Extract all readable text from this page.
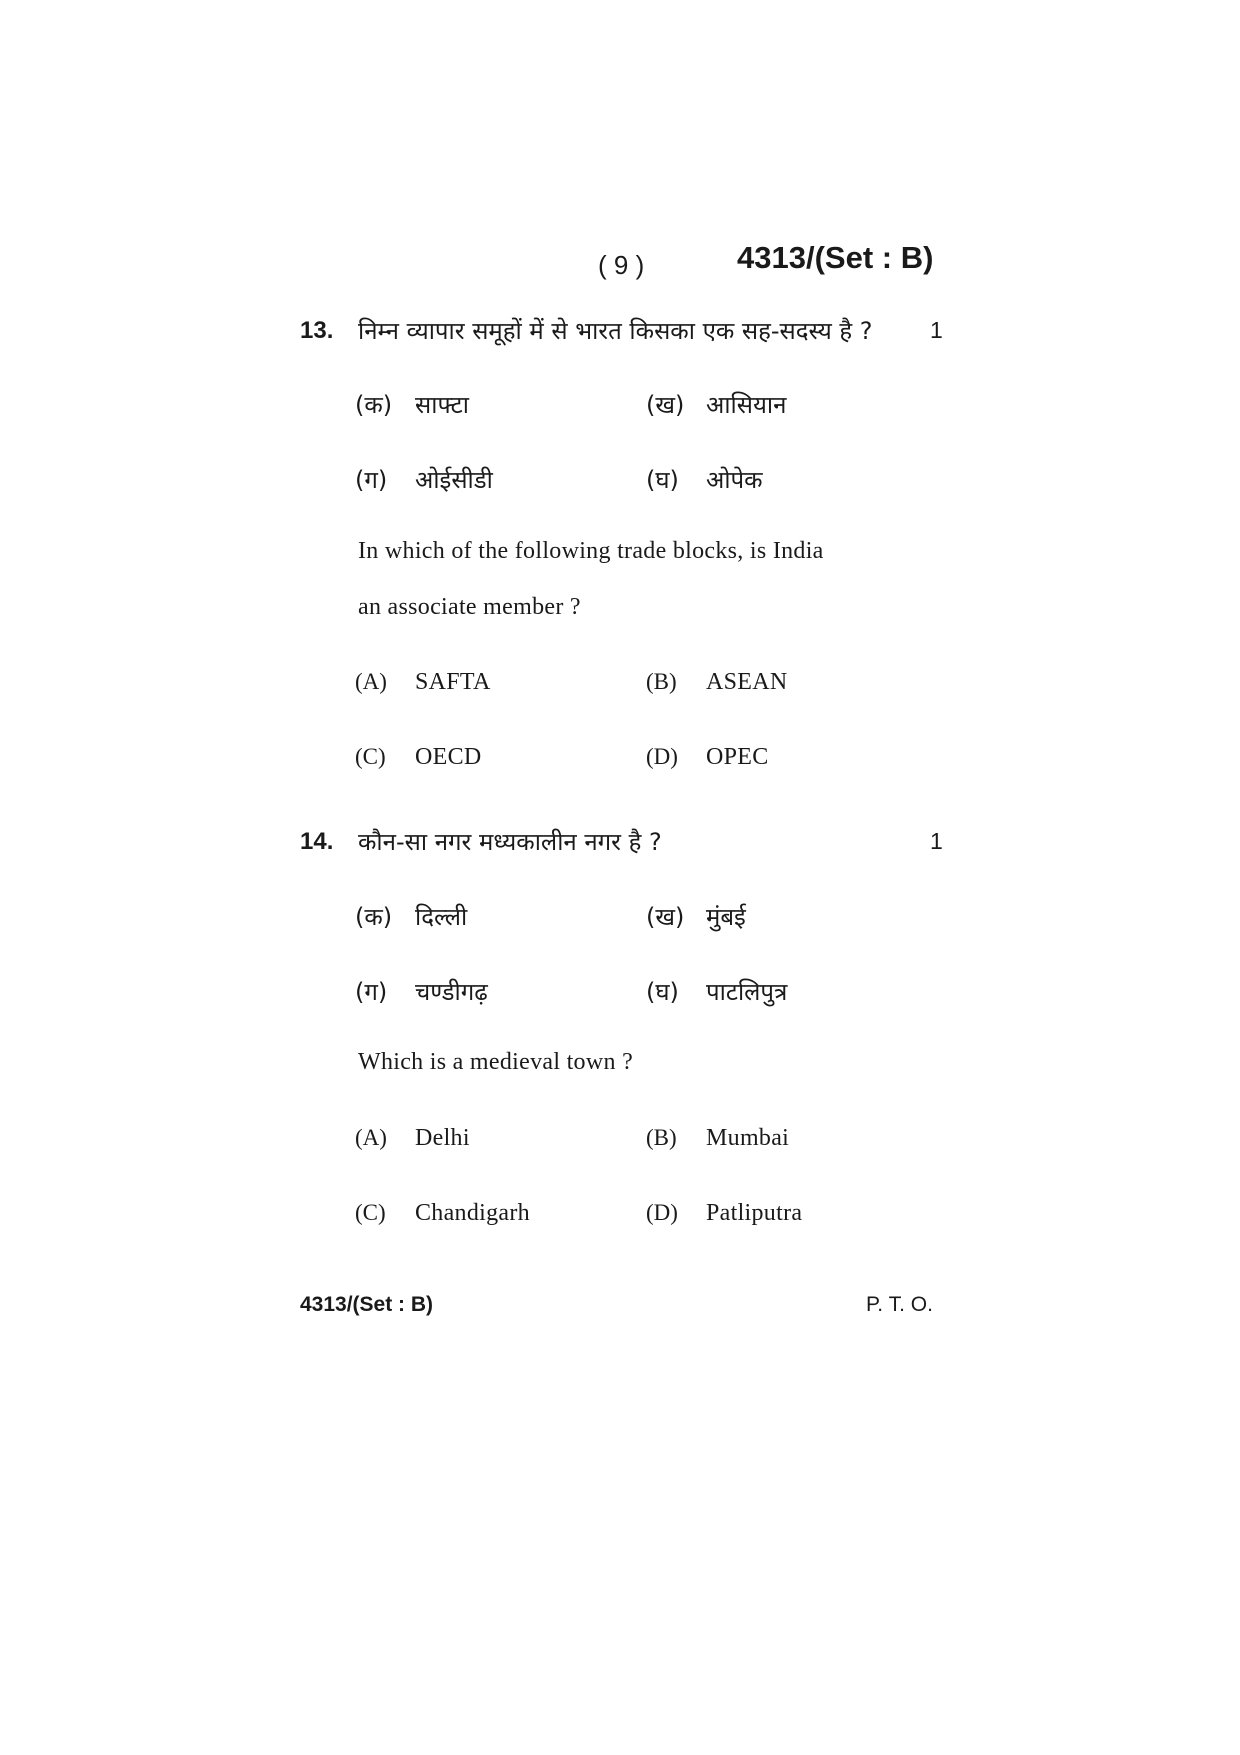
( 9 )	4313/(Set : B)
13. निम्न व्यापार समूहों में से भारत किसका एक सह-सदस्य है ?	1
(क) साफ्टा	(ख) आसियान
(ग) ओईसीडी	(घ) ओपेक
In which of the following trade blocks, is India
an associate member ?
(A) SAFTA	(B) ASEAN
(C) OECD	(D) OPEC
14. कौन-सा नगर मध्यकालीन नगर है ?	1
(क) दिल्ली	(ख) मुंबई
(ग) चण्डीगढ़	(घ) पाटलिपुत्र
Which is a medieval town ?
(A) Delhi	(B) Mumbai
(C) Chandigarh	(D) Patliputra
4313/(Set : B)	P. T. O.
